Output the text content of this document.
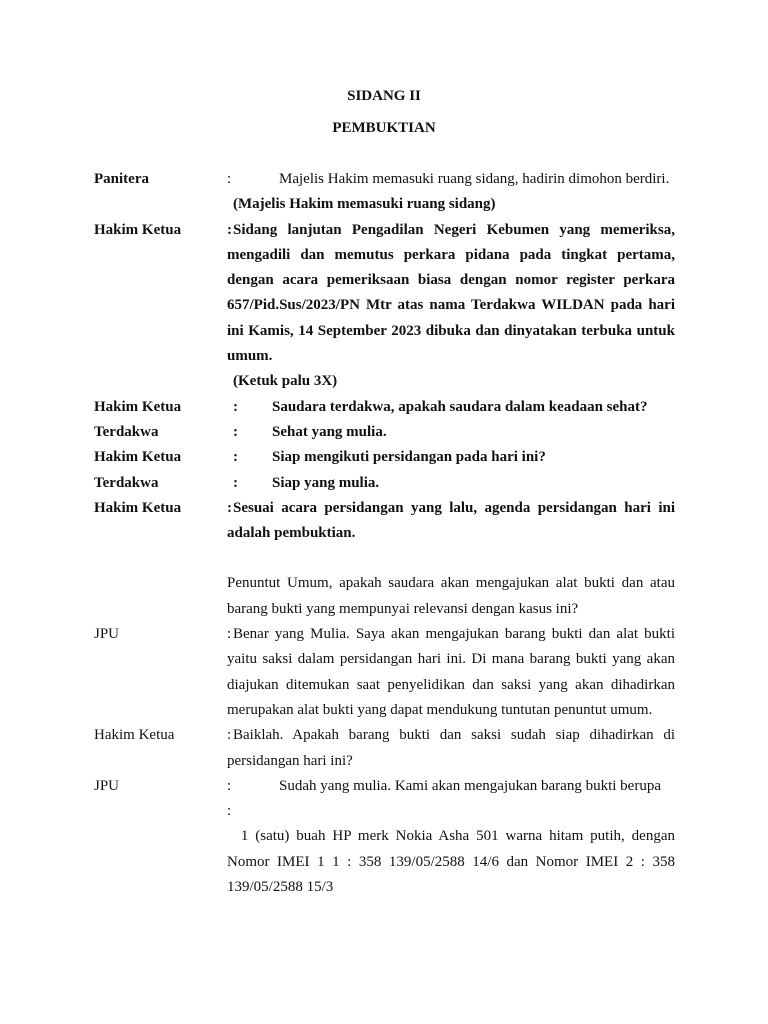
SIDANG II
PEMBUKTIAN
Panitera	:	Majelis Hakim memasuki ruang sidang, hadirin dimohon berdiri.
(Majelis Hakim memasuki ruang sidang)
Hakim Ketua	:Sidang lanjutan Pengadilan Negeri Kebumen yang memeriksa, mengadili dan memutus perkara pidana pada tingkat pertama, dengan acara pemeriksaan biasa dengan nomor register perkara 657/Pid.Sus/2023/PN Mtr atas nama Terdakwa WILDAN pada hari ini Kamis, 14 September 2023 dibuka dan dinyatakan terbuka untuk umum.
(Ketuk palu 3X)
Hakim Ketua	: Saudara terdakwa, apakah saudara dalam keadaan sehat?
Terdakwa	: Sehat yang mulia.
Hakim Ketua	: Siap mengikuti persidangan pada hari ini?
Terdakwa	: Siap yang mulia.
Hakim Ketua	:Sesuai acara persidangan yang lalu, agenda persidangan hari ini adalah pembuktian.
Penuntut Umum, apakah saudara akan mengajukan alat bukti dan atau barang bukti yang mempunyai relevansi dengan kasus ini?
JPU	: Benar yang Mulia. Saya akan mengajukan barang bukti dan alat bukti yaitu saksi dalam persidangan hari ini. Di mana barang bukti yang akan diajukan ditemukan saat penyelidikan dan saksi yang akan dihadirkan merupakan alat bukti yang dapat mendukung tuntutan penuntut umum.
Hakim Ketua	: Baiklah. Apakah barang bukti dan saksi sudah siap dihadirkan di persidangan hari ini?
JPU	:	Sudah yang mulia. Kami akan mengajukan barang bukti berupa
:
1 (satu) buah HP merk Nokia Asha 501 warna hitam putih, dengan Nomor IMEI 1 1 : 358 139/05/2588 14/6 dan Nomor IMEI 2 : 358 139/05/2588 15/3
